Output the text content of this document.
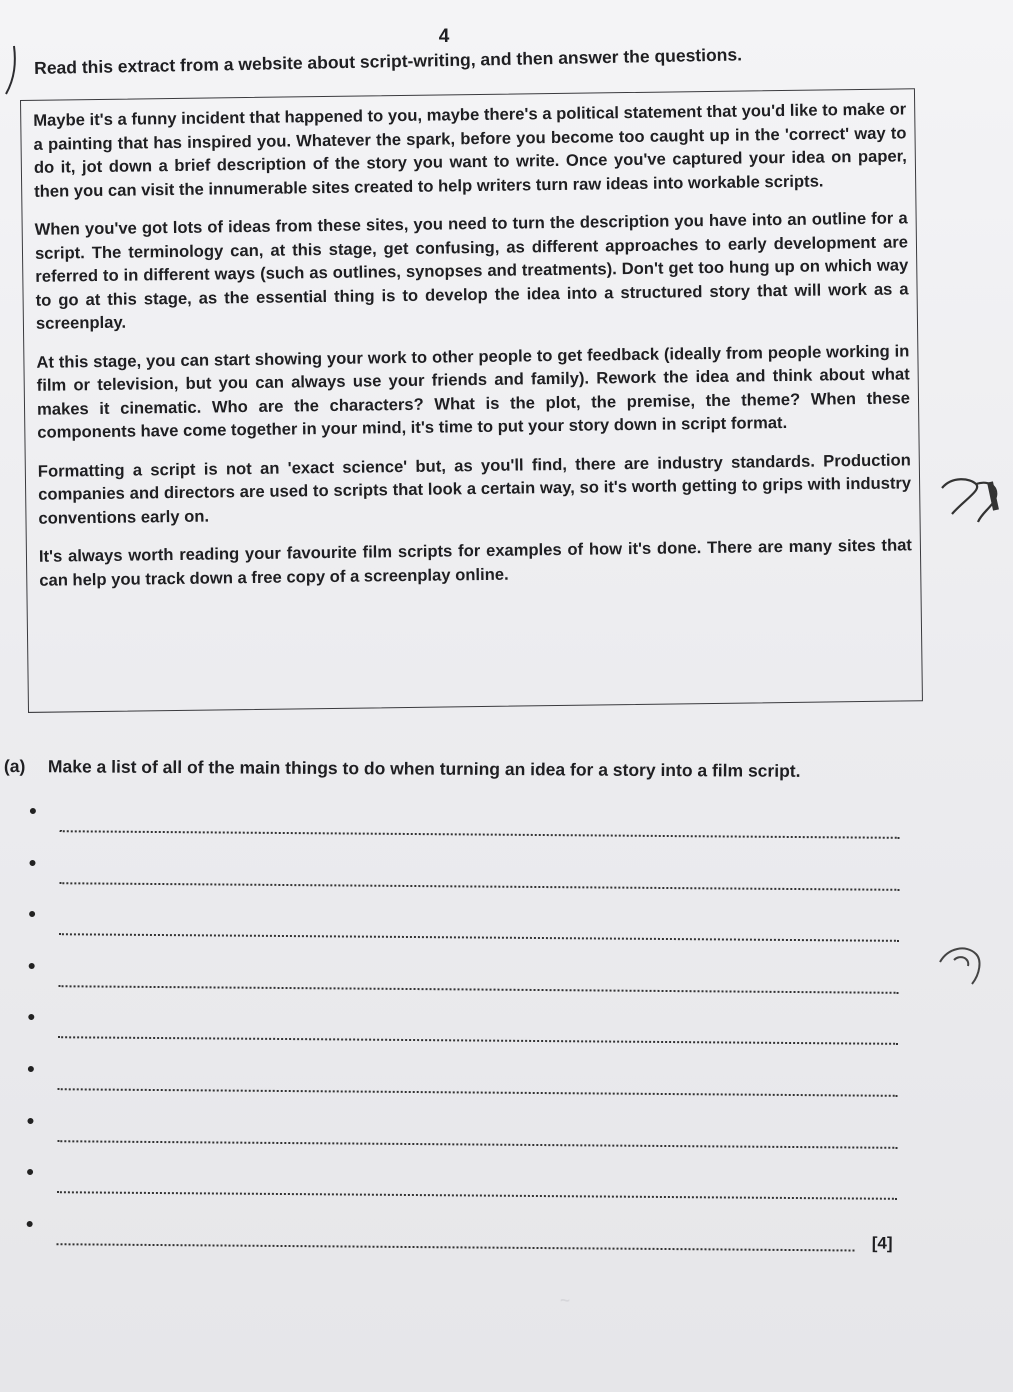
4
Read this extract from a website about script-writing, and then answer the questions.

Maybe it's a funny incident that happened to you, maybe there's a political statement that you'd like to make or a painting that has inspired you. Whatever the spark, before you become too caught up in the 'correct' way to do it, jot down a brief description of the story you want to write. Once you've captured your idea on paper, then you can visit the innumerable sites created to help writers turn raw ideas into workable scripts.

When you've got lots of ideas from these sites, you need to turn the description you have into an outline for a script. The terminology can, at this stage, get confusing, as different approaches to early development are referred to in different ways (such as outlines, synopses and treatments). Don't get too hung up on which way to go at this stage, as the essential thing is to develop the idea into a structured story that will work as a screenplay.

At this stage, you can start showing your work to other people to get feedback (ideally from people working in film or television, but you can always use your friends and family). Rework the idea and think about what makes it cinematic. Who are the characters? What is the plot, the premise, the theme? When these components have come together in your mind, it's time to put your story down in script format.

Formatting a script is not an 'exact science' but, as you'll find, there are industry standards. Production companies and directors are used to scripts that look a certain way, so it's worth getting to grips with industry conventions early on.

It's always worth reading your favourite film scripts for examples of how it's done. There are many sites that can help you track down a free copy of a screenplay online.

(a) Make a list of all of the main things to do when turning an idea for a story into a film script.
[4]
~
